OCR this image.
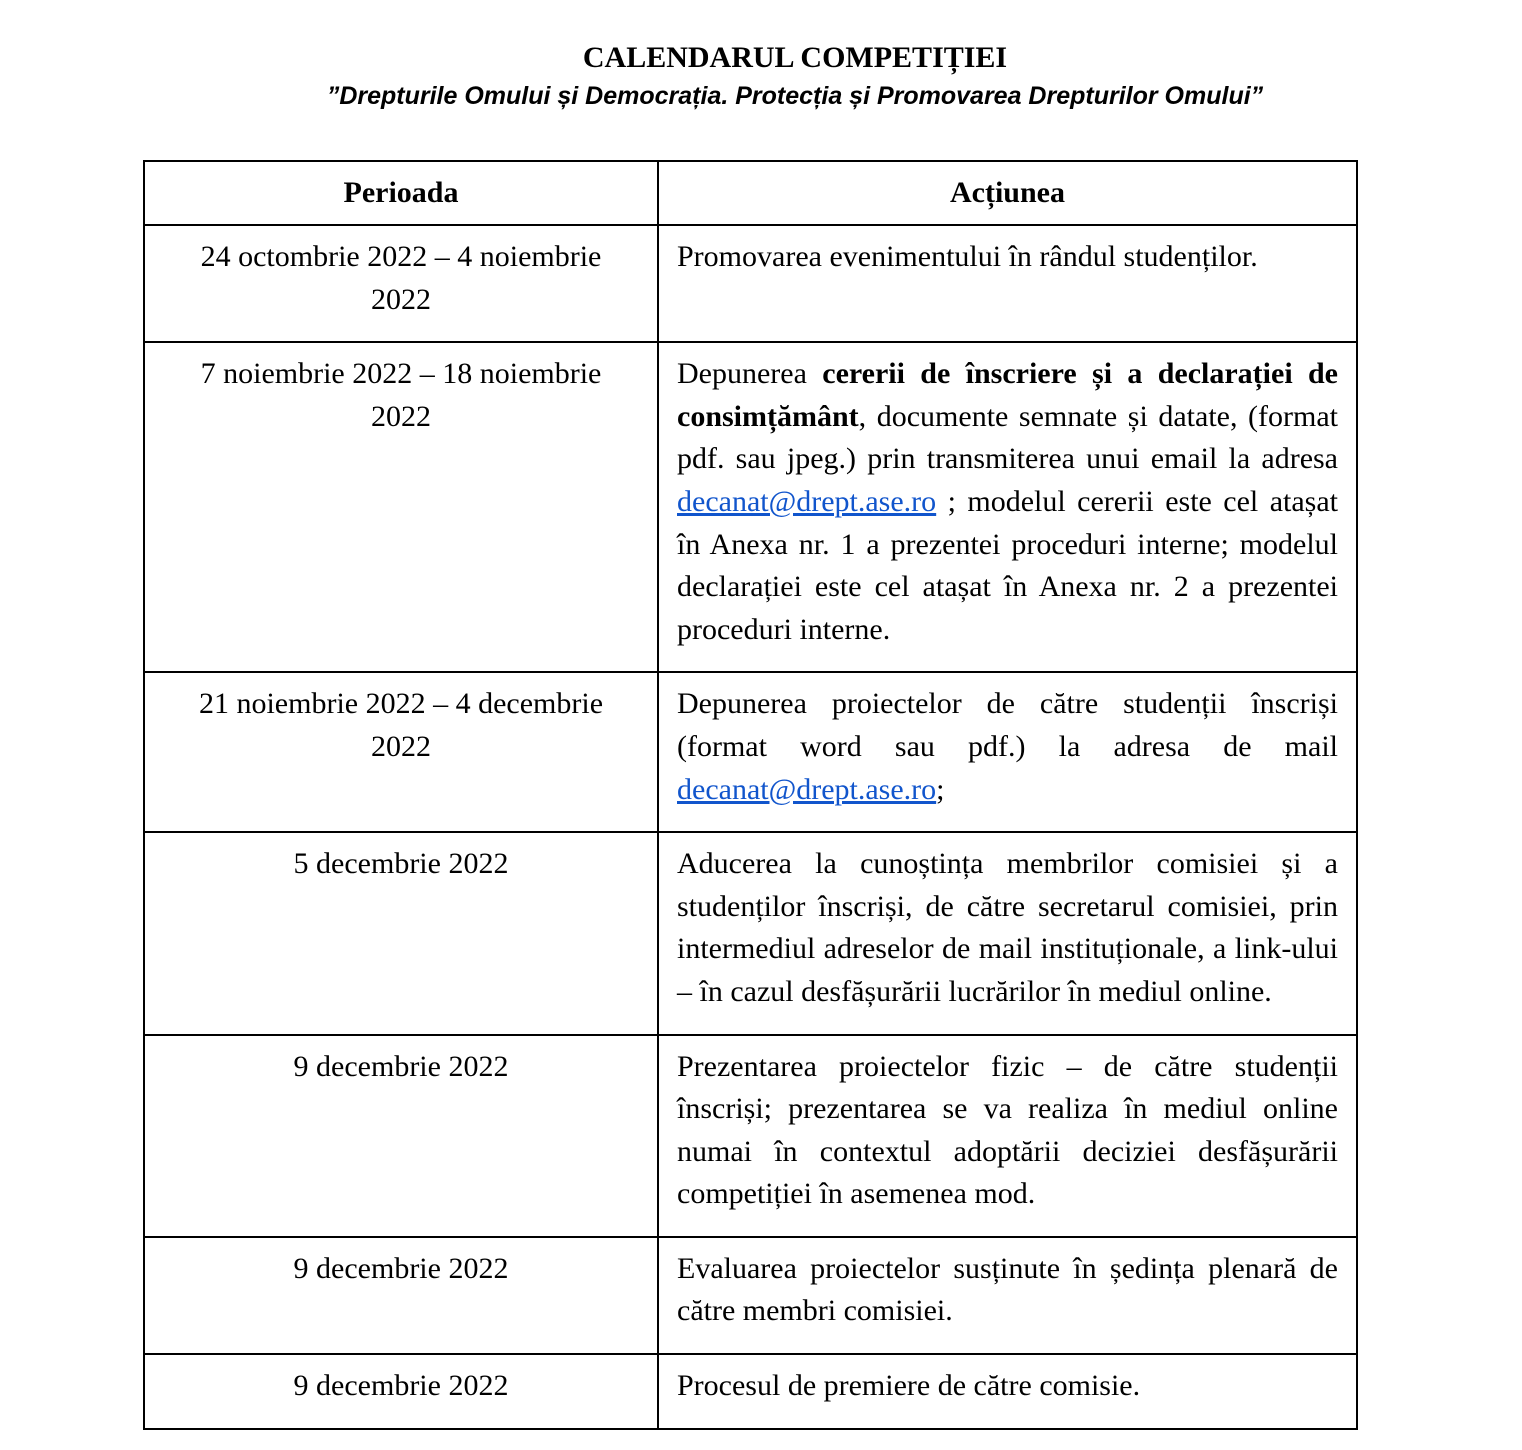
CALENDARUL COMPETIȚIEI
”Drepturile Omului și Democrația. Protecția și Promovarea Drepturilor Omului”
Perioada	Acțiunea
24 octombrie 2022 – 4 noiembrie 2022	Promovarea evenimentului în rândul studenților.
7 noiembrie 2022 – 18 noiembrie 2022	Depunerea cererii de înscriere și a declarației de consimțământ, documente semnate și datate, (format pdf. sau jpeg.) prin transmiterea unui email la adresa decanat@drept.ase.ro ; modelul cererii este cel atașat în Anexa nr. 1 a prezentei proceduri interne; modelul declarației este cel atașat în Anexa nr. 2 a prezentei proceduri interne.
21 noiembrie 2022 – 4 decembrie 2022	Depunerea proiectelor de către studenții înscriși (format word sau pdf.) la adresa de mail decanat@drept.ase.ro;
5 decembrie 2022	Aducerea la cunoștința membrilor comisiei și a studenților înscriși, de către secretarul comisiei, prin intermediul adreselor de mail instituționale, a link-ului – în cazul desfășurării lucrărilor în mediul online.
9 decembrie 2022	Prezentarea proiectelor fizic – de către studenții înscriși; prezentarea se va realiza în mediul online numai în contextul adoptării deciziei desfășurării competiției în asemenea mod.
9 decembrie 2022	Evaluarea proiectelor susținute în ședința plenară de către membri comisiei.
9 decembrie 2022	Procesul de premiere de către comisie.
